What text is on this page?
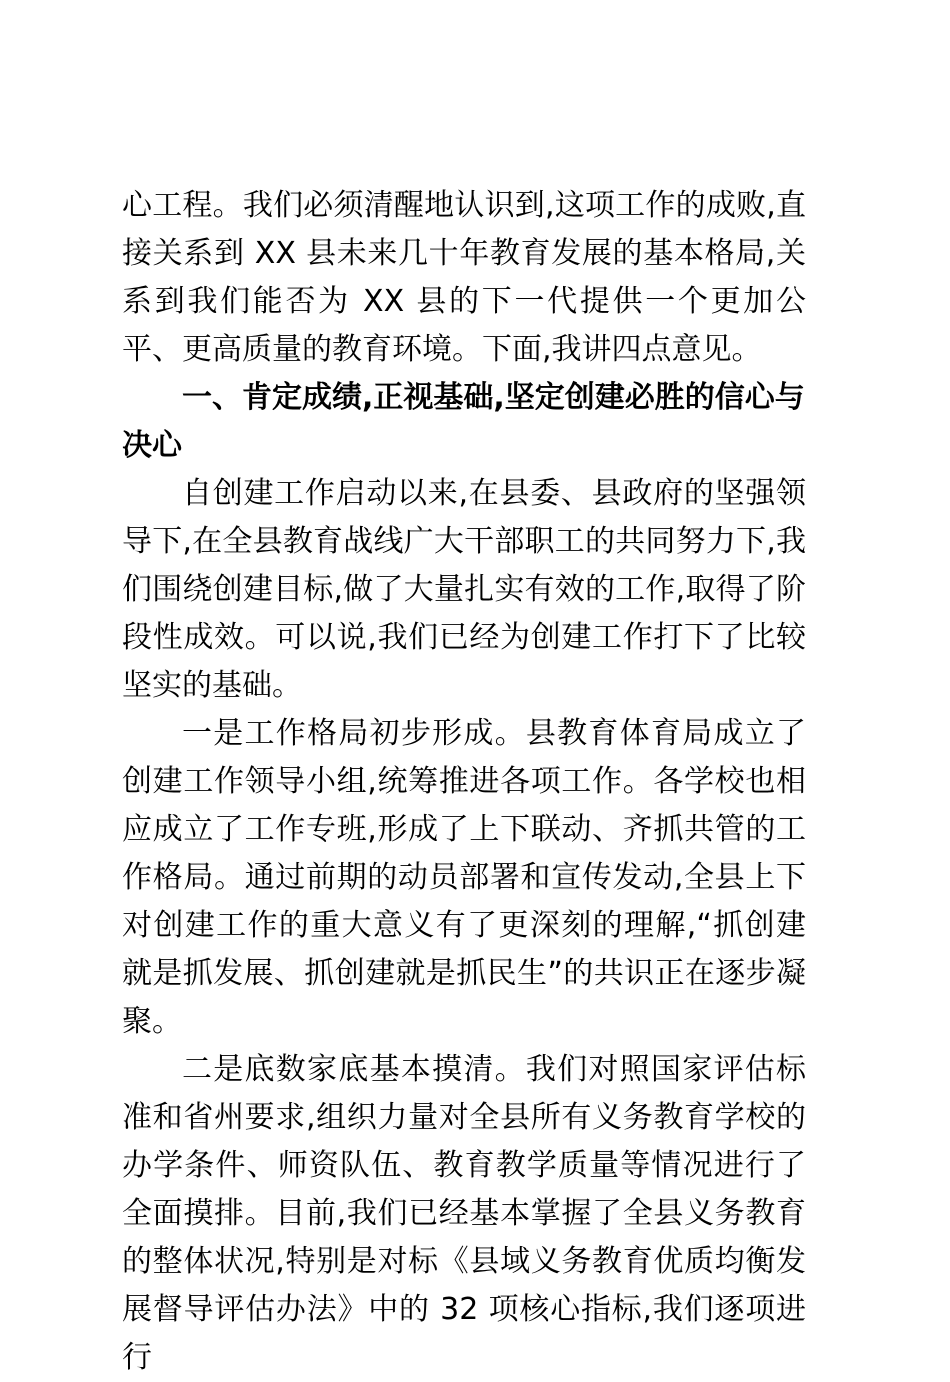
心工程。我们必须清醒地认识到,这项工作的成败,直接关系到 XX 县未来几十年教育发展的基本格局,关系到我们能否为 XX 县的下一代提供一个更加公平、更高质量的教育环境。下面,我讲四点意见。

一、肯定成绩,正视基础,坚定创建必胜的信心与决心

自创建工作启动以来,在县委、县政府的坚强领导下,在全县教育战线广大干部职工的共同努力下,我们围绕创建目标,做了大量扎实有效的工作,取得了阶段性成效。可以说,我们已经为创建工作打下了比较坚实的基础。

一是工作格局初步形成。县教育体育局成立了创建工作领导小组,统筹推进各项工作。各学校也相应成立了工作专班,形成了上下联动、齐抓共管的工作格局。通过前期的动员部署和宣传发动,全县上下对创建工作的重大意义有了更深刻的理解,“抓创建就是抓发展、抓创建就是抓民生”的共识正在逐步凝聚。

二是底数家底基本摸清。我们对照国家评估标准和省州要求,组织力量对全县所有义务教育学校的办学条件、师资队伍、教育教学质量等情况进行了全面摸排。目前,我们已经基本掌握了全县义务教育的整体状况,特别是对标《县域义务教育优质均衡发展督导评估办法》中的 32 项核心指标,我们逐项进行
